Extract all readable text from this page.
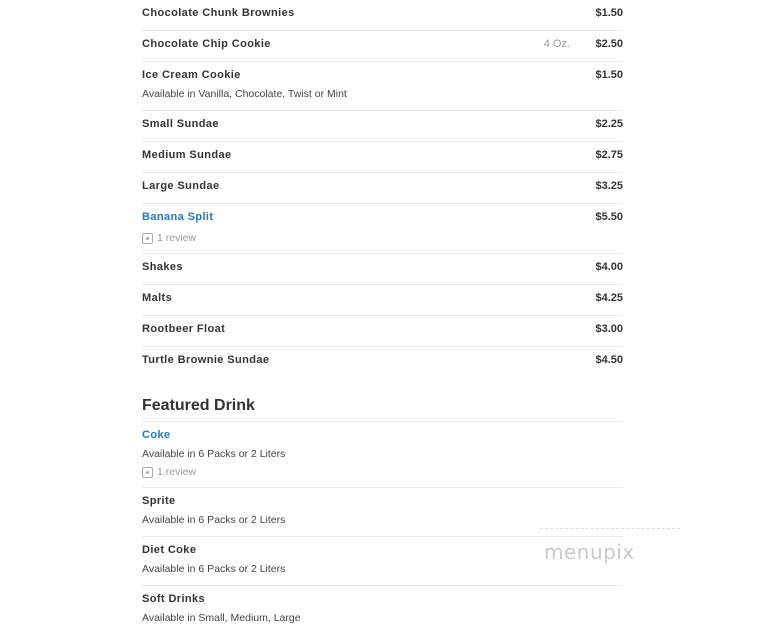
Chocolate Chunk Brownies	$1.50
Chocolate Chip Cookie	4 Oz. $2.50
Ice Cream Cookie	$1.50
Available in Vanilla, Chocolate, Twist or Mint
Small Sundae	$2.25
Medium Sundae	$2.75
Large Sundae	$3.25
Banana Split	$5.50
1 review
Shakes	$4.00
Malts	$4.25
Rootbeer Float	$3.00
Turtle Brownie Sundae	$4.50
Featured Drink
Coke
Available in 6 Packs or 2 Liters
1 review
Sprite
Available in 6 Packs or 2 Liters
Diet Coke
Available in 6 Packs or 2 Liters
Soft Drinks
Available in Small, Medium, Large
menupix
